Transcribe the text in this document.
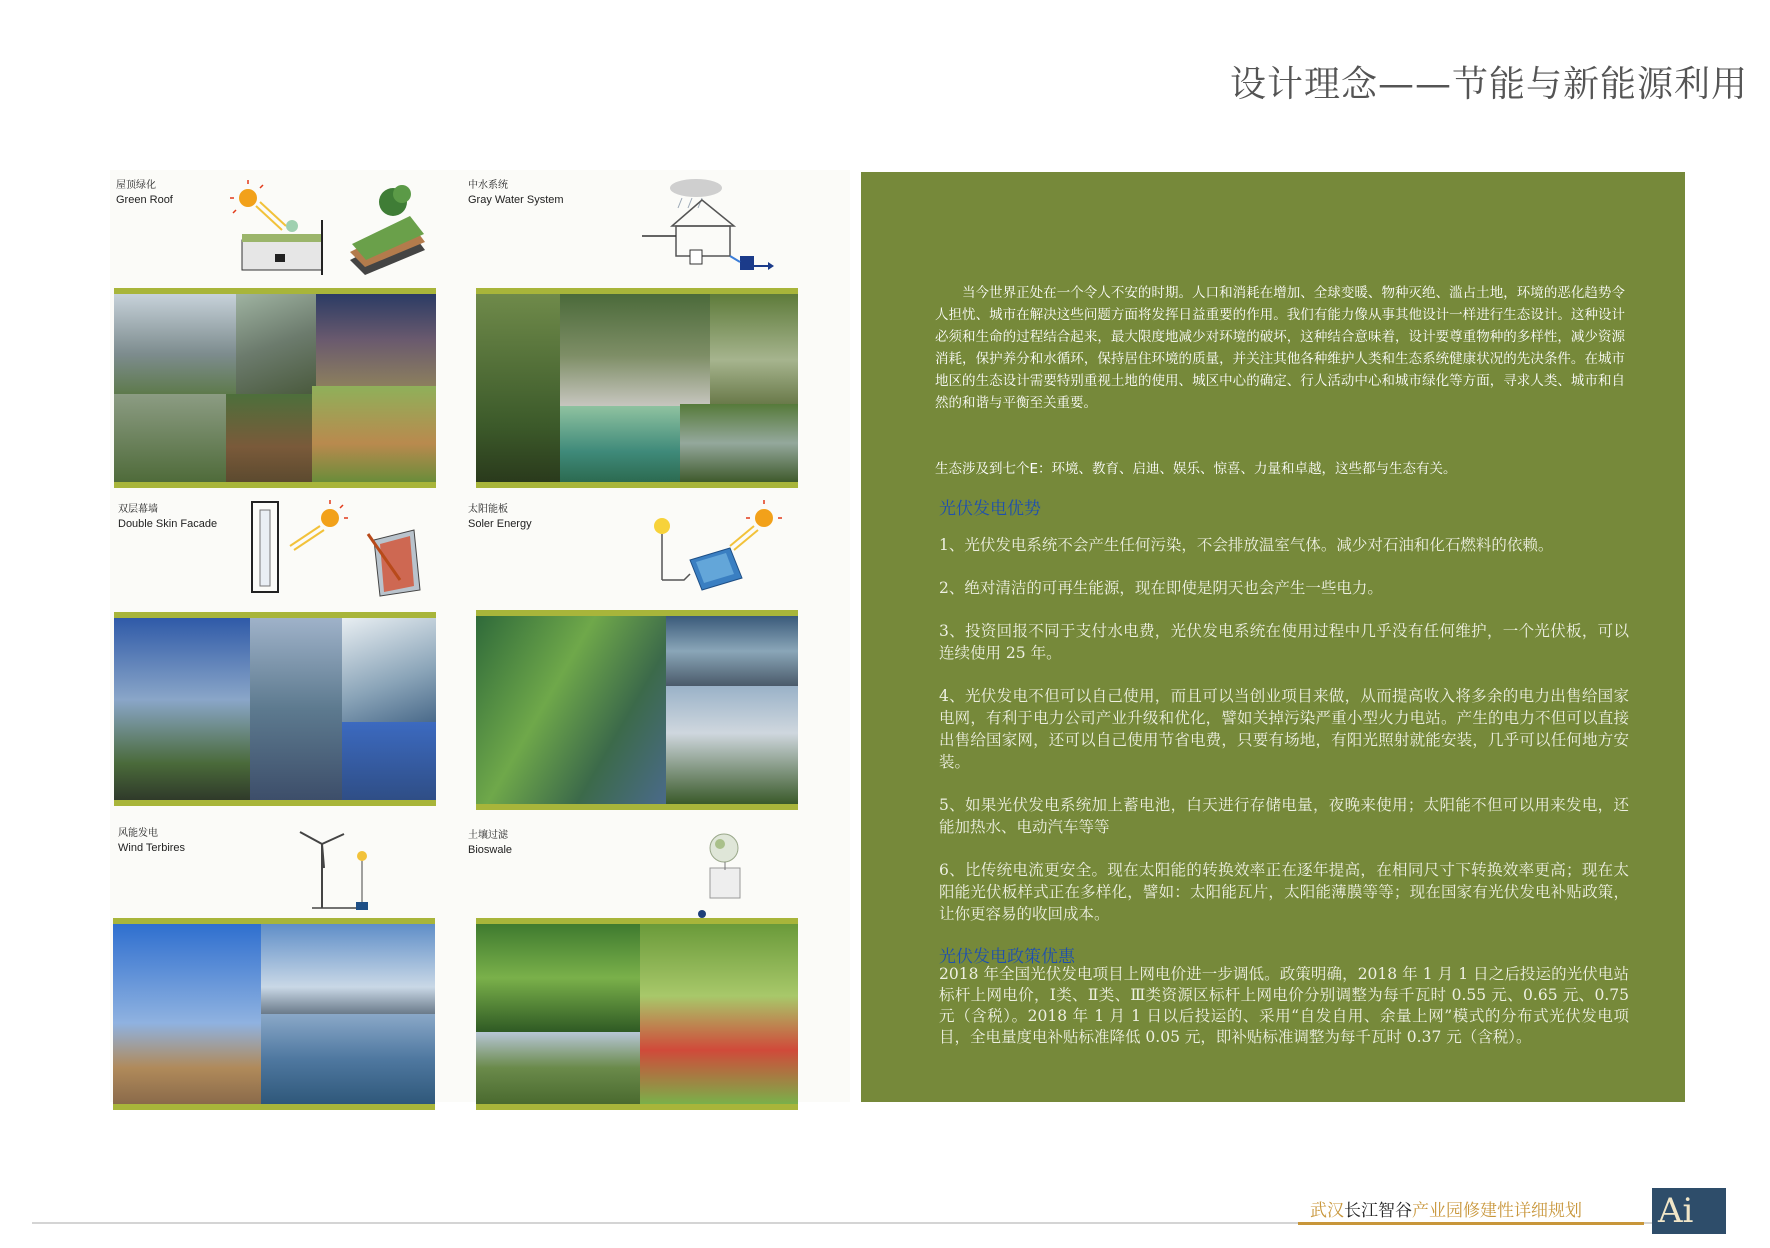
设计理念——节能与新能源利用
屋顶绿化
Green Roof
中水系统
Gray Water System
双层幕墙
Double Skin Facade
太阳能板
Soler Energy
风能发电
Wind Terbires
土壤过滤
Bioswale
当今世界正处在一个令人不安的时期。人口和消耗在增加、全球变暖、物种灭绝、滥占土地，环境的恶化趋势令人担忧、城市在解决这些问题方面将发挥日益重要的作用。我们有能力像从事其他设计一样进行生态设计。这种设计必须和生命的过程结合起来，最大限度地减少对环境的破坏，这种结合意味着，设计要尊重物种的多样性，减少资源消耗，保护养分和水循环，保持居住环境的质量，并关注其他各种维护人类和生态系统健康状况的先决条件。在城市地区的生态设计需要特别重视土地的使用、城区中心的确定、行人活动中心和城市绿化等方面，寻求人类、城市和自然的和谐与平衡至关重要。
生态涉及到七个E：环境、教育、启迪、娱乐、惊喜、力量和卓越，这些都与生态有关。
光伏发电优势

1、光伏发电系统不会产生任何污染，不会排放温室气体。减少对石油和化石燃料的依赖。

2、绝对清洁的可再生能源，现在即使是阴天也会产生一些电力。

3、投资回报不同于支付水电费，光伏发电系统在使用过程中几乎没有任何维护，一个光伏板，可以连续使用 25 年。

4、光伏发电不但可以自己使用，而且可以当创业项目来做，从而提高收入将多余的电力出售给国家电网，有利于电力公司产业升级和优化，譬如关掉污染严重小型火力电站。产生的电力不但可以直接出售给国家网，还可以自己使用节省电费，只要有场地，有阳光照射就能安装，几乎可以任何地方安装。

5、如果光伏发电系统加上蓄电池，白天进行存储电量，夜晚来使用；太阳能不但可以用来发电，还能加热水、电动汽车等等

6、比传统电流更安全。现在太阳能的转换效率正在逐年提高，在相同尺寸下转换效率更高；现在太阳能光伏板样式正在多样化，譬如：太阳能瓦片，太阳能薄膜等等；现在国家有光伏发电补贴政策，让你更容易的收回成本。

光伏发电政策优惠
2018 年全国光伏发电项目上网电价进一步调低。政策明确，2018 年 1 月 1 日之后投运的光伏电站标杆上网电价，Ⅰ类、Ⅱ类、Ⅲ类资源区标杆上网电价分别调整为每千瓦时 0.55 元、0.65 元、0.75 元（含税）。2018 年 1 月 1 日以后投运的、采用“自发自用、余量上网”模式的分布式光伏发电项目，全电量度电补贴标准降低 0.05 元，即补贴标准调整为每千瓦时 0.37 元（含税）。
武汉长江智谷产业园修建性详细规划 Ai
